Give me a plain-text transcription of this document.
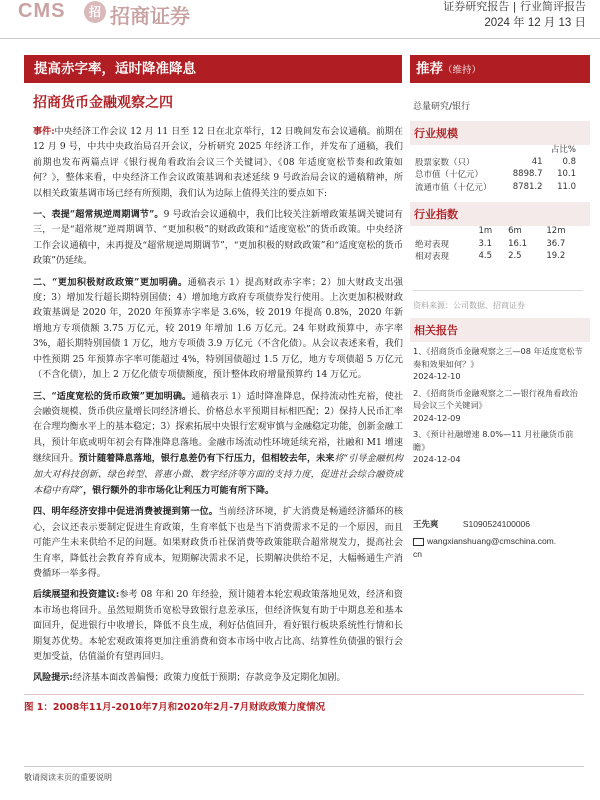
CMS	招 招商证券	证券研究报告 | 行业简评报告
2024 年 12 月 13 日
提高赤字率，适时降准降息	推荐（维持）
招商货币金融观察之四	总量研究/银行

事件:中央经济工作会议 12 月 11 日至 12 日在北京举行，12 日晚间发布会议通稿。前期在 12 月 9 号，中共中央政治局召开会议，分析研究 2025 年经济工作，并发布了通稿，我们前期也发布两篇点评《银行视角看政治会议三个关键词》、《08 年适度宽松节奏和政策如何？》，整体来看，中央经济工作会议政策基调和表述延续 9 号政治局会议的通稿精神，所以相关政策基调市场已经有所预期，我们认为边际上值得关注的要点如下:

一、表提“超常规逆周期调节”。9 号政治会议通稿中，我们比较关注新增政策基调关键词有三，一是“超常规”逆周期调节、“更加积极”的财政政策和“适度宽松”的货币政策。中央经济工作会议通稿中，未再提及“超常规逆周期调节”，“更加积极的财政政策”和“适度宽松的货币政策”仍延续。

二、“更加积极财政政策”更加明确。通稿表示 1）提高财政赤字率；2）加大财政支出强度；3）增加发行超长期特别国债；4）增加地方政府专项债券发行使用。上次更加积极财政政策基调是 2020 年，2020 年预算赤字率是 3.6%，较 2019 年提高 0.8%，2020 年新增地方专项债额 3.75 万亿元，较 2019 年增加 1.6 万亿元。24 年财政预算中，赤字率 3%，超长期特别国债 1 万亿，地方专项债 3.9 万亿元（不含化债）。从会议表述来看，我们中性预期 25 年预算赤字率可能超过 4%，特别国债超过 1.5 万亿，地方专项债超 5 万亿元（不含化债），加上 2 万亿化债专项债额度，预计整体政府增量预算约 14 万亿元。

三、“适度宽松的货币政策”更加明确。通稿表示 1）适时降准降息，保持流动性充裕，使社会融资规模、货币供应量增长同经济增长、价格总水平预期目标相匹配；2）保持人民币汇率在合理均衡水平上的基本稳定；3）探索拓展中央银行宏观审慎与金融稳定功能，创新金融工具，预计年底或明年初会有降准降息落地。金融市场流动性环境延续充裕，社融和 M1 增速继续回升。预计随着降息落地，银行息差仍有下行压力，但相较去年，未来将“引导金融机构加大对科技创新、绿色转型、普惠小微、数字经济等方面的支持力度，促进社会综合融资成本稳中有降”，银行额外的非市场化让利压力可能有所下降。

四、明年经济安排中促进消费被提到第一位。当前经济环境，扩大消费是畅通经济循环的核心，会议还表示要制定促进生育政策，生育率低下也是当下消费需求不足的一个原因，而且可能产生未来供给不足的问题。如果财政货币社保消费等政策能联合超常规发力，提高社会生育率，降低社会教育养育成本，短期解决需求不足，长期解决供给不足，大幅畅通生产消费循环一举多得。

后续展望和投资建议:参考 08 年和 20 年经验，预计随着本轮宏观政策落地见效，经济和资本市场也将回升。虽然短期货币宽松导致银行息差承压，但经济恢复有助于中期息差和基本面回升，促进银行中收增长，降低不良生成，利好估值回升，看好银行板块系统性行情和长期复苏优势。本轮宏观政策将更加注重消费和资本市场中收占比高、结算性负债强的银行会更加受益，估值溢价有望再回归。

风险提示:经济基本面改善偏慢；政策力度低于预期；存款竞争及定期化加剧。

行业规模
		占比%
股票家数（只）	41	0.8
总市值（十亿元）	8898.7	10.1
流通市值（十亿元）	8781.2	11.0
行业指数
	1m	6m	12m
绝对表现	3.1	16.1	36.7
相对表现	4.5	2.5	19.2
资料来源：公司数据、招商证券
相关报告
1、《招商货币金融观察之三—08 年适度宽松节奏和效果如何？》
2024-12-10
2、《招商货币金融观察之二—银行视角看政治局会议三个关键词》
2024-12-09
3、《预计社融增速 8.0%—11 月社融货币前瞻》
2024-12-04
王先爽	S1090524100006
wangxianshuang@cmschina.com.
cn
图 1：2008年11月-2010年7月和2020年2月-7月财政政策力度情况
敬请阅读末页的重要说明
